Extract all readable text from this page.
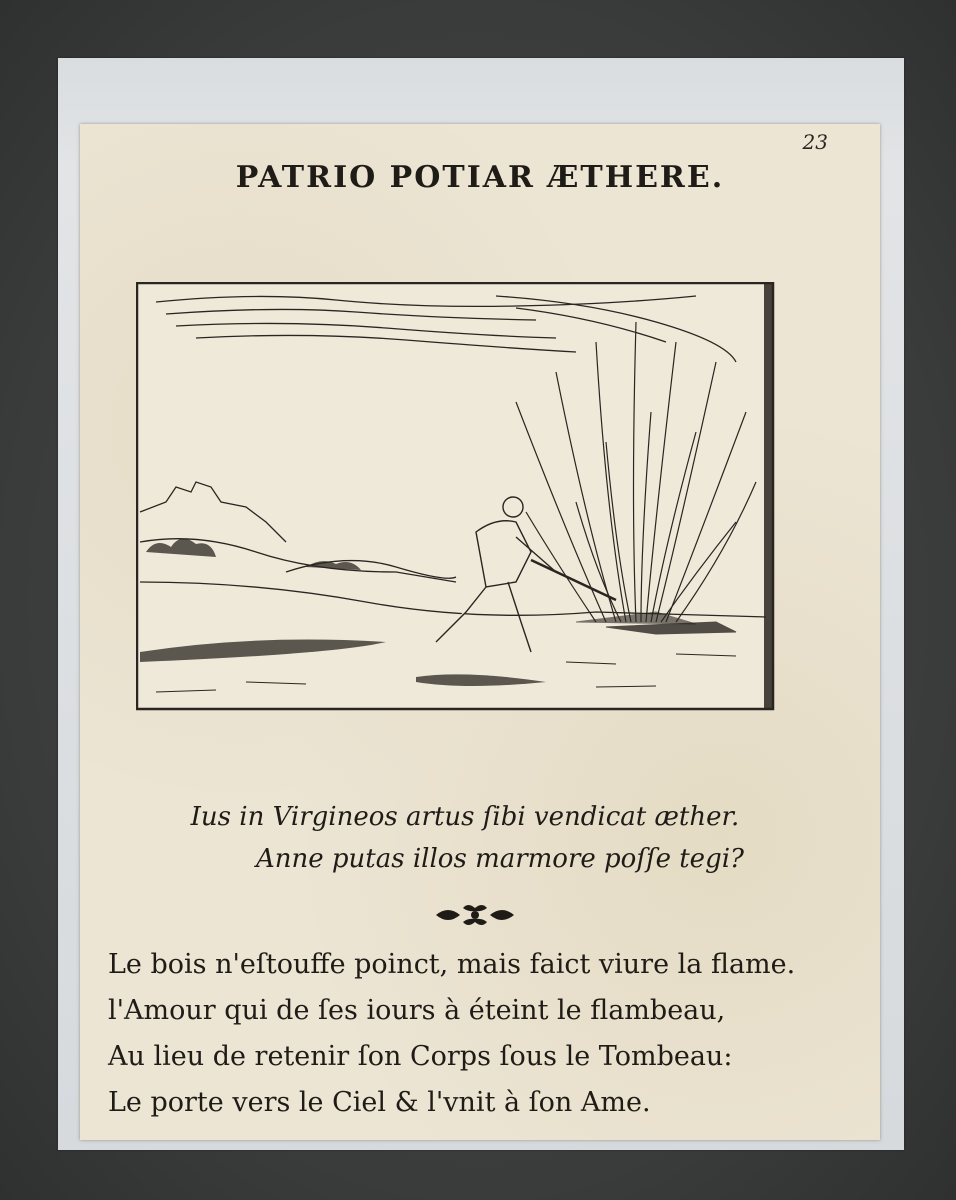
23
PATRIO POTIAR ÆTHERE.
Ius in Virgineos artus ſibi vendicat æther.
Anne putas illos marmore poſſe tegi?
Le bois n'eſtouffe poinct, mais faict viure la flame.
l'Amour qui de ſes iours à éteint le flambeau,
Au lieu de retenir ſon Corps ſous le Tombeau:
Le porte vers le Ciel & l'vnit à ſon Ame.
